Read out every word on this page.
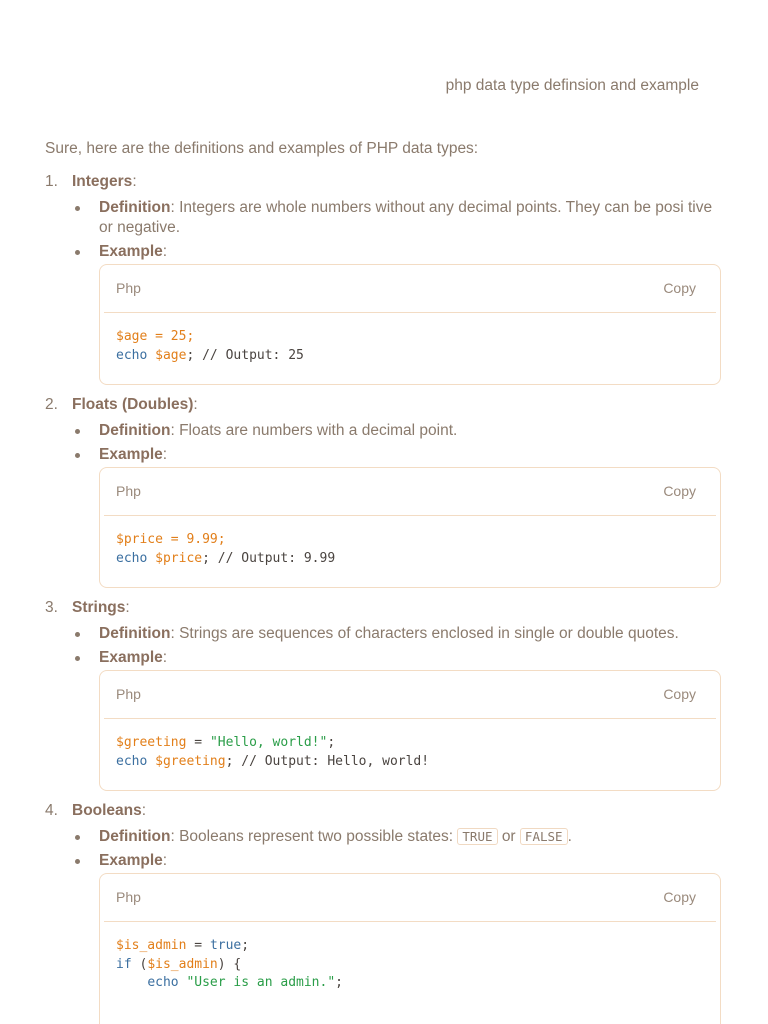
php data type definsion and example
Sure, here are the definitions and examples of PHP data types:
1. Integers:
Definition: Integers are whole numbers without any decimal points. They can be posi tive or negative.
Example:
Php	Copy
$age = 25;
echo $age; // Output: 25
2. Floats (Doubles):
Definition: Floats are numbers with a decimal point.
Example:
Php	Copy
$price = 9.99;
echo $price; // Output: 9.99
3. Strings:
Definition: Strings are sequences of characters enclosed in single or double quotes.
Example:
Php	Copy
$greeting = "Hello, world!";
echo $greeting; // Output: Hello, world!
4. Booleans:
Definition: Booleans represent two possible states: TRUE or FALSE .
Example:
Php	Copy
$is_admin = true;
if ($is_admin) {
echo "User is an admin.";
